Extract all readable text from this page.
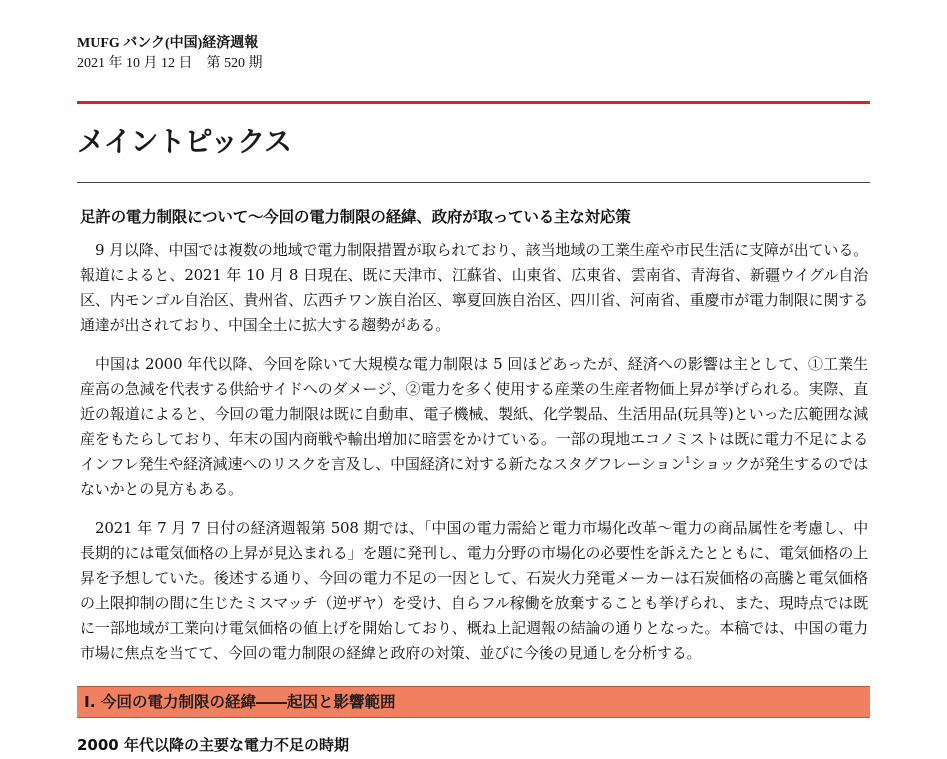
MUFG バンク(中国)経済週報
2021 年 10 月 12 日　第 520 期
メイントピックス
足許の電力制限について～今回の電力制限の経緯、政府が取っている主な対応策

9 月以降、中国では複数の地域で電力制限措置が取られており、該当地域の工業生産や市民生活に支障が出ている。報道によると、2021 年 10 月 8 日現在、既に天津市、江蘇省、山東省、広東省、雲南省、青海省、新疆ウイグル自治区、内モンゴル自治区、貴州省、広西チワン族自治区、寧夏回族自治区、四川省、河南省、重慶市が電力制限に関する通達が出されており、中国全土に拡大する趨勢がある。

中国は 2000 年代以降、今回を除いて大規模な電力制限は 5 回ほどあったが、経済への影響は主として、①工業生産高の急減を代表する供給サイドへのダメージ、②電力を多く使用する産業の生産者物価上昇が挙げられる。実際、直近の報道によると、今回の電力制限は既に自動車、電子機械、製紙、化学製品、生活用品(玩具等)といった広範囲な減産をもたらしており、年末の国内商戦や輸出増加に暗雲をかけている。一部の現地エコノミストは既に電力不足によるインフレ発生や経済減速へのリスクを言及し、中国経済に対する新たなスタグフレーション$^1$ショックが発生するのではないかとの見方もある。

2021 年 7 月 7 日付の経済週報第 508 期では、「中国の電力需給と電力市場化改革～電力の商品属性を考慮し、中長期的には電気価格の上昇が見込まれる」を題に発刊し、電力分野の市場化の必要性を訴えたとともに、電気価格の上昇を予想していた。後述する通り、今回の電力不足の一因として、石炭火力発電メーカーは石炭価格の高騰と電気価格の上限抑制の間に生じたミスマッチ（逆ザヤ）を受け、自らフル稼働を放棄することも挙げられ、また、現時点では既に一部地域が工業向け電気価格の値上げを開始しており、概ね上記週報の結論の通りとなった。本稿では、中国の電力市場に焦点を当てて、今回の電力制限の経緯と政府の対策、並びに今後の見通しを分析する。

Ⅰ. 今回の電力制限の経緯――起因と影響範囲
2000 年代以降の主要な電力不足の時期
